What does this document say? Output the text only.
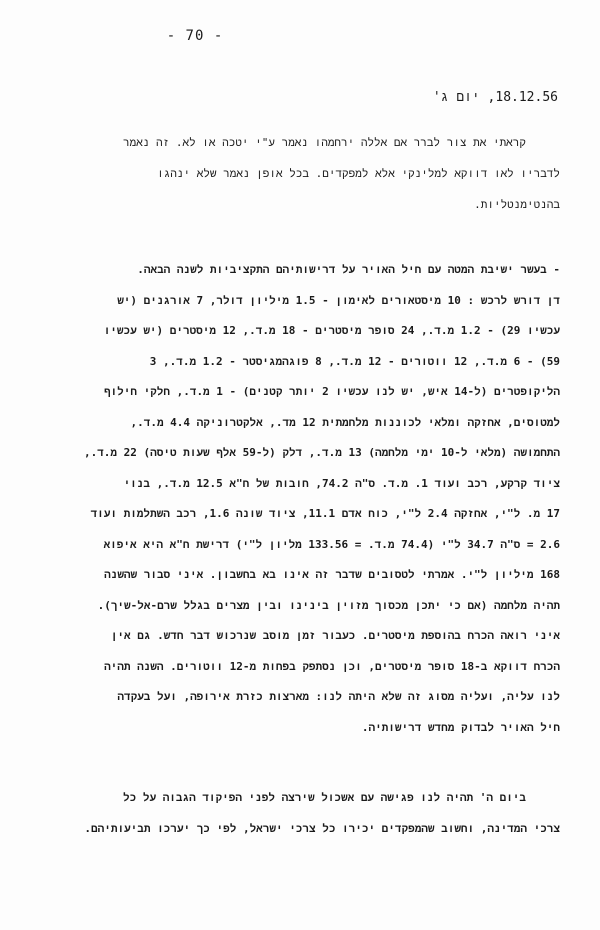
- 70 -
18.12.56, יום ג'
קראתי את צור לברר אם אללה ירחמהו נאמר ע"י יטכה או לא. זה נאמר
לדבריו לאו דווקא למלינקי אלא למפקדים. בכל אופן נאמר שלא ינהגו
בהנטימנטליות.
- בעשר ישיבת המטה עם חיל האויר על דרישותיהם התקציביות לשנה הבאה.
דן דורש לרכש : 10 מיסטאורים לאימון - 1.5 מיליון דולר, 7 אורגנים (יש
עכשיו 29) - 1.2 מ.ד., 24 סופר מיסטרים - 18 מ.ד., 12 מיסטרים (יש עכשיו
59) - 6 מ.ד., 12 ווטורים - 12 מ.ד., 8 פוגהמגיסטר - 1.2 מ.ד., 3
הליקופטרים (ל-14 איש, יש לנו עכשיו 2 יותר קטנים) - 1 מ.ד., חלקי חילוף
למטוסים, אחזקה ומלאי לכוננות מלחמתית 12 מד., אלקטרוניקה 4.4 מ.ד.,
התחמושה (מלאי ל-10 ימי מלחמה) 13 מ.ד., דלק (ל-59 אלף שעות טיסה) 22 מ.ד.,
ציוד קרקע, רכב ועוד 1. מ.ד. ס"ה 74.2, חובות של ח"א 12.5 מ.ד., בנוי
17 מ. ל"י, אחזקה 2.4 ל"י, כוח אדם 11.1, ציוד שונה 1.6, רכב השתלמות ועוד
2.6 = ס"ה 34.7 ל"י (74.4 מ.ד. = 133.56 מליון ל"י) דרישת ח"א היא איפוא
168 מיליון ל"י. אמרתי לטסובים שדבר זה אינו בא בחשבון. איני סבור שהשנה
תהיה מלחמה (אם כי יתכן מכסוך מזוין בינינו ובין מצרים בגלל שרם-אל-שיך).
איני רואה הכרח בהוספת מיסטרים. כעבור זמן מוסב שנרכוש דבר חדש. גם אין
הכרח דווקא ב-18 סופר מיסטרים, וכן נסתפק בפחות מ-12 ווטורים. השנה תהיה
לנו עליה, ועליה מסוג זה שלא היתה לנו: מארצות כזרת אירופה, ועל בעקדה
חיל האויר לבדוק מחדש דרישותיה.
ביום ה' תהיה לנו פגישה עם אשכול שירצה לפני הפיקוד הגבוה על כל
צרכי המדינה, וחשוב שהמפקדים יכירו כל צרכי ישראל, לפי כך יערכו תביעותיהם.
